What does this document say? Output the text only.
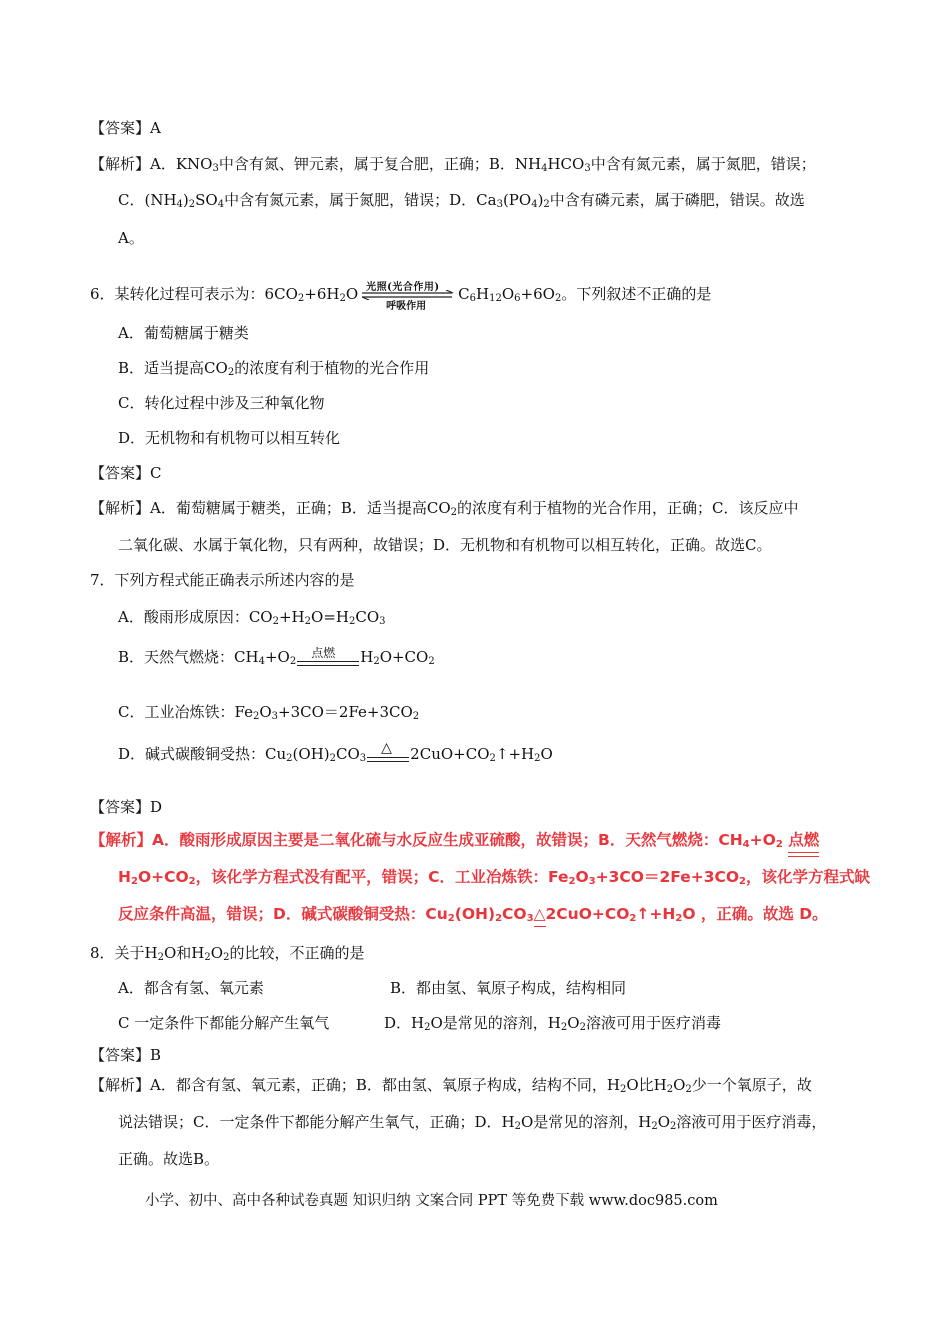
【答案】A
【解析】A．$KNO_3$中含有氮、钾元素，属于复合肥，正确；B．$NH_4HCO_3$中含有氮元素，属于氮肥，错误；
C．$(NH_4)_2SO_4$中含有氮元素，属于氮肥，错误；D．$Ca_3(PO_4)_2$中含有磷元素，属于磷肥，错误。故选
A。
6．某转化过程可表示为：$6CO_2+6H_2O$ 光照(光合作用)
呼吸作用
$C_6H_{12}O_6+6O_2$。下列叙述不正确的是
A．葡萄糖属于糖类
B．适当提高$CO_2$的浓度有利于植物的光合作用
C．转化过程中涉及三种氧化物
D．无机物和有机物可以相互转化
【答案】C
【解析】A．葡萄糖属于糖类，正确；B．适当提高$CO_2$的浓度有利于植物的光合作用，正确；C．该反应中
二氧化碳、水属于氧化物，只有两种，故错误；D．无机物和有机物可以相互转化，正确。故选C。
7．下列方程式能正确表示所述内容的是
A．酸雨形成原因：$CO_2+H_2O=H_2CO_3$
B．天然气燃烧：$CH_4+O_2$
点燃 $H_2O+CO_2$
C．工业冶炼铁：$Fe_2O_3+3CO=2Fe+3CO_2$
D．碱式碳酸铜受热：$Cu_2(OH)_2CO_3$
△ $2CuO+CO_2↑+H_2O$
【答案】D
【解析】A．酸雨形成原因主要是二氧化硫与水反应生成亚硫酸，故错误；B．天然气燃烧：$CH_4+O_2$ 点燃
$H_2O+CO_2$，该化学方程式没有配平，错误；C．工业冶炼铁：$Fe_2O_3+3CO=2Fe+3CO_2$，该化学方程式缺
反应条件高温，错误；D．碱式碳酸铜受热：$Cu_2(OH)_2CO_3\triangle$
$2CuO+CO_2↑+H_2O$ ，正确。故选 D。
8．关于$H_2O$和$H_2O_2$的比较，不正确的是
A．都含有氢、氧元素	B．都由氢、氧原子构成，结构相同
C 一定条件下都能分解产生氧气	D．$H_2O$是常见的溶剂，$H_2O_2$溶液可用于医疗消毒
【答案】B
【解析】A．都含有氢、氧元素，正确；B．都由氢、氧原子构成，结构不同，$H_2O$比$H_2O_2$少一个氧原子，故
说法错误；C．一定条件下都能分解产生氧气，正确；D．$H_2O$是常见的溶剂，$H_2O_2$溶液可用于医疗消毒，
正确。故选B。
小学、初中、高中各种试卷真题 知识归纳 文案合同 PPT 等免费下载 www.doc985.com
